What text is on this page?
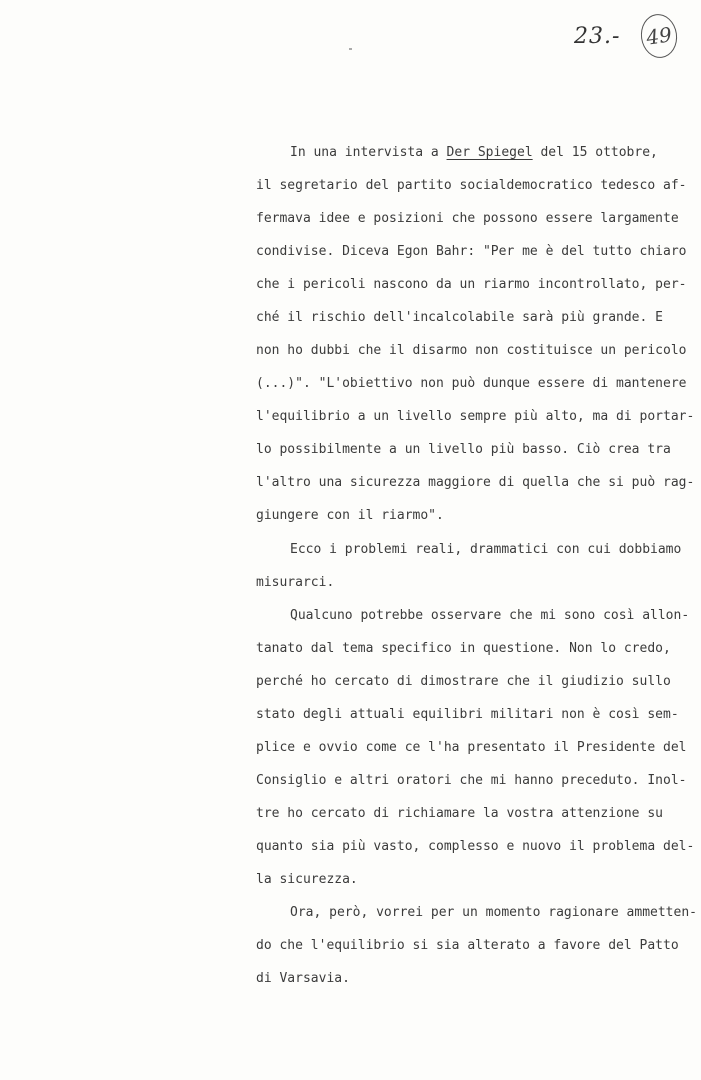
23.- 49
In una intervista a Der Spiegel del 15 ottobre,
il segretario del partito socialdemocratico tedesco af-
fermava idee e posizioni che possono essere largamente
condivise. Diceva Egon Bahr: "Per me è del tutto chiaro
che i pericoli nascono da un riarmo incontrollato, per-
ché il rischio dell'incalcolabile sarà più grande. E
non ho dubbi che il disarmo non costituisce un pericolo
(...)". "L'obiettivo non può dunque essere di mantenere
l'equilibrio a un livello sempre più alto, ma di portar-
lo possibilmente a un livello più basso. Ciò crea tra
l'altro una sicurezza maggiore di quella che si può rag-
giungere con il riarmo".
Ecco i problemi reali, drammatici con cui dobbiamo
misurarci.
Qualcuno potrebbe osservare che mi sono così allon-
tanato dal tema specifico in questione. Non lo credo,
perché ho cercato di dimostrare che il giudizio sullo
stato degli attuali equilibri militari non è così sem-
plice e ovvio come ce l'ha presentato il Presidente del
Consiglio e altri oratori che mi hanno preceduto. Inol-
tre ho cercato di richiamare la vostra attenzione su
quanto sia più vasto, complesso e nuovo il problema del-
la sicurezza.
Ora, però, vorrei per un momento ragionare ammetten-
do che l'equilibrio si sia alterato a favore del Patto
di Varsavia.
